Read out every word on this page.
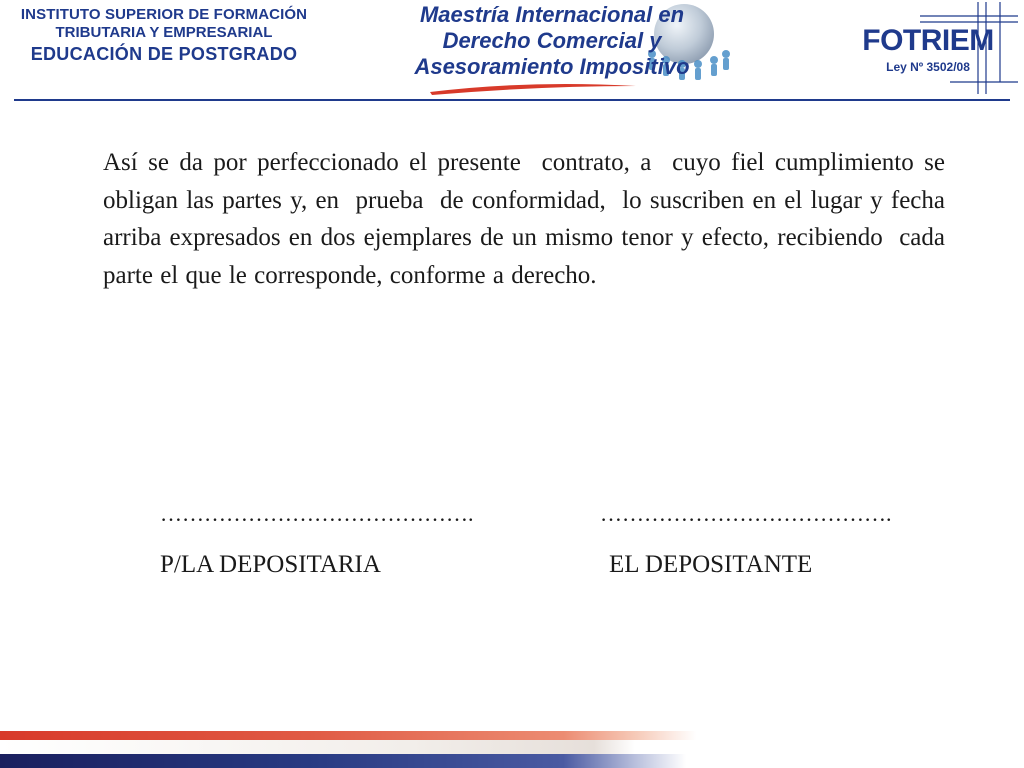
INSTITUTO SUPERIOR DE FORMACIÓN
TRIBUTARIA Y EMPRESARIAL
EDUCACIÓN DE POSTGRADO
Maestría Internacional en
Derecho Comercial y
Asesoramiento Impositivo
FOTRIEM
Ley Nº 3502/08
Así se da por perfeccionado el presente  contrato, a  cuyo fiel cumplimiento se obligan las partes y, en  prueba  de conformidad,  lo suscriben en el lugar y fecha arriba expresados en dos ejemplares de un mismo tenor y efecto, recibiendo  cada parte el que le corresponde, conforme a derecho.
…………………………………….
P/LA DEPOSITARIA
………………………………….
EL DEPOSITANTE
